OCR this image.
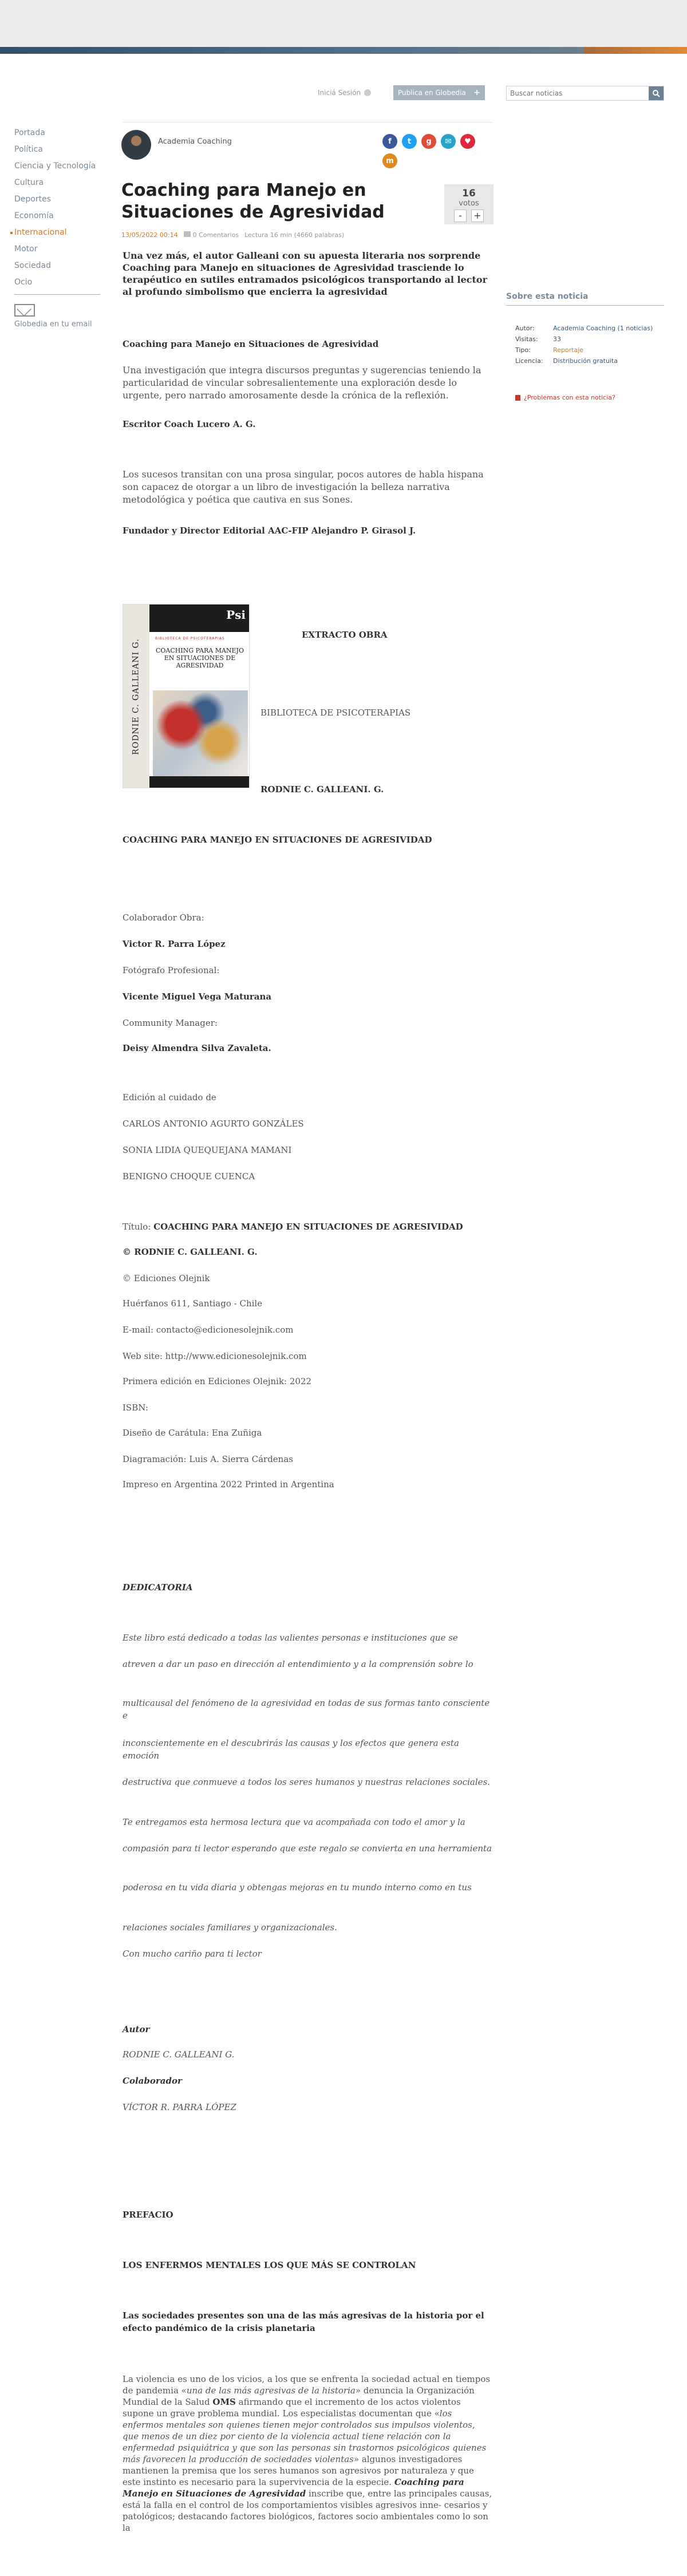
Iniciá Sesión	Publica en Globedia +
Buscar noticias
Portada
Política
Ciencia y Tecnología
Cultura
Deportes
Economía
Internacional
Motor
Sociedad
Ocio
Globedia en tu email
Academia Coaching	f	t	g	✉	♥
m
Coaching para Manejo en Situaciones de Agresividad
16
votos
-	+
13/05/2022 00:14	0 Comentarios Lectura 16 min (4660 palabras)

Una vez más, el autor Galleani con su apuesta literaria nos sorprende Coaching para Manejo en situaciones de Agresividad trasciende lo terapéutico en sutiles entramados psicológicos transportando al lector al profundo simbolismo que encierra la agresividad

Coaching para Manejo en Situaciones de Agresividad

Una investigación que integra discursos preguntas y sugerencias teniendo la particularidad de vincular sobresalientemente una exploración desde lo urgente, pero narrado amorosamente desde la crónica de la reflexión.

Escritor Coach Lucero A. G.

Los sucesos transitan con una prosa singular, pocos autores de habla hispana son capacez de otorgar a un libro de investigación la belleza narrativa metodológica y poética que cautiva en sus Sones.

Fundador y Director Editorial AAC-FIP Alejandro P. Girasol J.

RODNIE C. GALLEANI G.
Psi
BIBLIOTECA DE PSICOTERAPIAS
COACHING PARA MANEJO EN SITUACIONES DE AGRESIVIDAD
EXTRACTO OBRA
BIBLIOTECA DE PSICOTERAPIAS
RODNIE C. GALLEANI. G.

COACHING PARA MANEJO EN SITUACIONES DE AGRESIVIDAD

Colaborador Obra:

Victor R. Parra López

Fotógrafo Profesional:

Vicente Miguel Vega Maturana

Community Manager:

Deisy Almendra Silva Zavaleta.

Edición al cuidado de

CARLOS ANTONIO AGURTO GONZÁLES

SONIA LIDIA QUEQUEJANA MAMANI

BENIGNO CHOQUE CUENCA

Título: COACHING PARA MANEJO EN SITUACIONES DE AGRESIVIDAD

© RODNIE C. GALLEANI. G.

© Ediciones Olejnik

Huérfanos 611, Santiago - Chile

E-mail: contacto@edicionesolejnik.com

Web site: http://www.edicionesolejnik.com

Primera edición en Ediciones Olejnik: 2022

ISBN:

Diseño de Carátula: Ena Zuñiga

Diagramación: Luis A. Sierra Cárdenas

Impreso en Argentina 2022 Printed in Argentina

DEDICATORIA

Este libro está dedicado a todas las valientes personas e instituciones que se

atreven a dar un paso en dirección al entendimiento y a la comprensión sobre lo

multicausal del fenómeno de la agresividad en todas de sus formas tanto consciente e

inconscientemente en el descubrirás las causas y los efectos que genera esta emoción

destructiva que conmueve a todos los seres humanos y nuestras relaciones sociales.

Te entregamos esta hermosa lectura que va acompañada con todo el amor y la

compasión para ti lector esperando que este regalo se convierta en una herramienta

poderosa en tu vida diaria y obtengas mejoras en tu mundo interno como en tus

relaciones sociales familiares y organizacionales.

Con mucho cariño para ti lector

Autor

RODNIE C. GALLEANI G.

Colaborador

VÍCTOR R. PARRA LÓPEZ

PREFACIO

LOS ENFERMOS MENTALES LOS QUE MÁS SE CONTROLAN

Las sociedades presentes son una de las más agresivas de la historia por el efecto pandémico de la crisis planetaria

La violencia es uno de los vicios, a los que se enfrenta la sociedad actual en tiempos de pandemia «una de las más agresivas de la historia» denuncia la Organización Mundial de la Salud OMS afirmando que el incremento de los actos violentos supone un grave problema mundial. Los especialistas documentan que «los enfermos mentales son quienes tienen mejor controlados sus impulsos violentos, que menos de un diez por ciento de la violencia actual tiene relación con la enfermedad psiquiátrica y que son las personas sin trastornos psicológicos quienes más favorecen la producción de sociedades violentas» algunos investigadores mantienen la premisa que los seres humanos son agresivos por naturaleza y que este instinto es necesario para la supervivencia de la especie. Coaching para Manejo en Situaciones de Agresividad inscribe que, entre las principales causas, está la falla en el control de los comportamientos visibles agresivos inne- cesarios y patológicos; destacando factores biológicos, factores socio ambientales como lo son la

Sobre esta noticia
Autor:	Academia Coaching (1 noticias)
Visitas:	33
Tipo:	Reportaje
Licencia:	Distribución gratuita
¿Problemas con esta noticia?
